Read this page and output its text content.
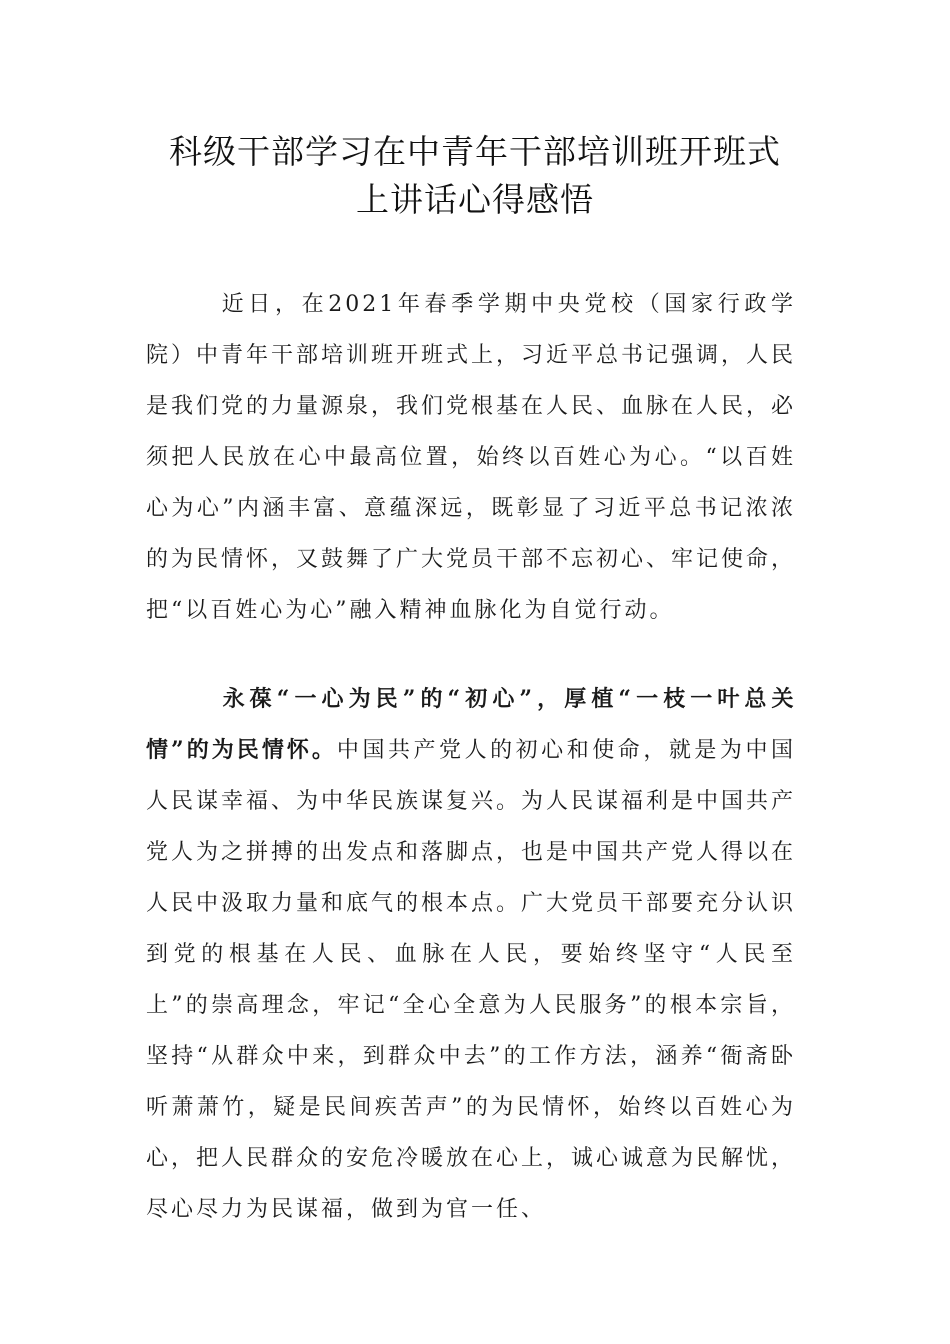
科级干部学习在中青年干部培训班开班式
上讲话心得感悟

近日，在2021年春季学期中央党校（国家行政学院）中青年干部培训班开班式上，习近平总书记强调，人民是我们党的力量源泉，我们党根基在人民、血脉在人民，必须把人民放在心中最高位置，始终以百姓心为心。“以百姓心为心”内涵丰富、意蕴深远，既彰显了习近平总书记浓浓的为民情怀，又鼓舞了广大党员干部不忘初心、牢记使命，把“以百姓心为心”融入精神血脉化为自觉行动。

永葆“一心为民”的“初心”，厚植“一枝一叶总关情”的为民情怀。中国共产党人的初心和使命，就是为中国人民谋幸福、为中华民族谋复兴。为人民谋福利是中国共产党人为之拼搏的出发点和落脚点，也是中国共产党人得以在人民中汲取力量和底气的根本点。广大党员干部要充分认识到党的根基在人民、血脉在人民，要始终坚守“人民至上”的崇高理念，牢记“全心全意为人民服务”的根本宗旨，坚持“从群众中来，到群众中去”的工作方法，涵养“衙斋卧听萧萧竹，疑是民间疾苦声”的为民情怀，始终以百姓心为心，把人民群众的安危冷暖放在心上，诚心诚意为民解忧，尽心尽力为民谋福，做到为官一任、
